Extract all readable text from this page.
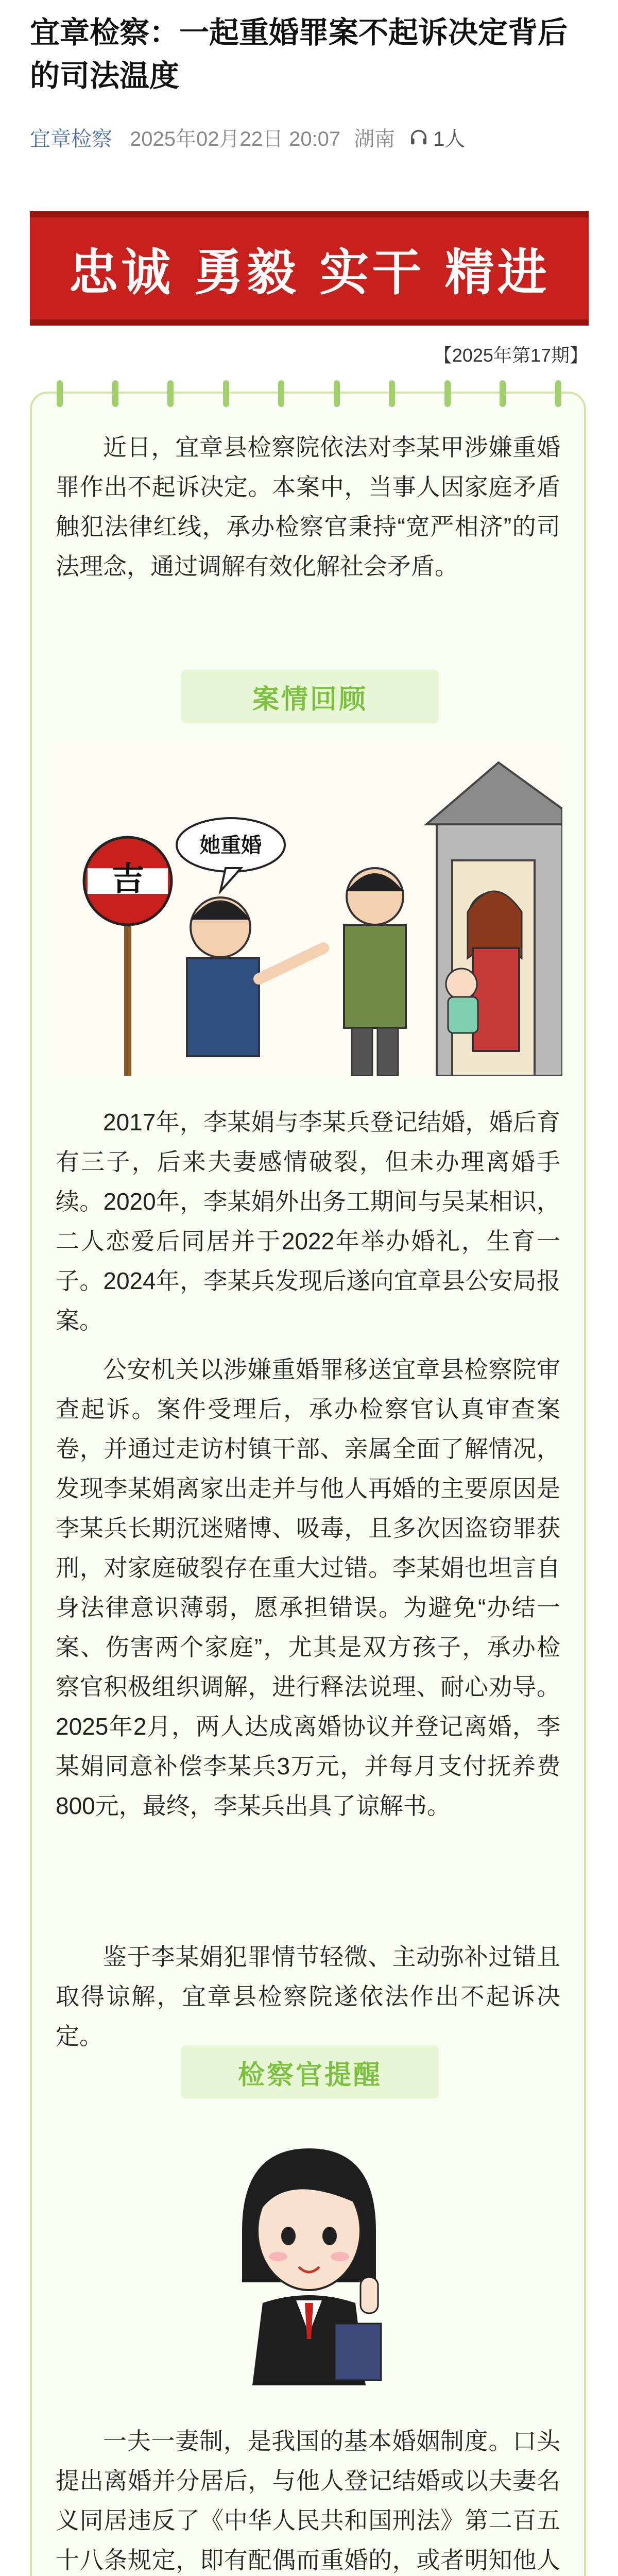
宜章检察：一起重婚罪案不起诉决定背后的司法温度
宜章检察 2025年02月22日 20:07 湖南 1人
忠诚 勇毅 实干 精进
【2025年第17期】

近日，宜章县检察院依法对李某甲涉嫌重婚罪作出不起诉决定。本案中，当事人因家庭矛盾触犯法律红线，承办检察官秉持“宽严相济”的司法理念，通过调解有效化解社会矛盾。

案情回顾
她重婚
吉

2017年，李某娟与李某兵登记结婚，婚后育有三子，后来夫妻感情破裂，但未办理离婚手续。2020年，李某娟外出务工期间与吴某相识，二人恋爱后同居并于2022年举办婚礼，生育一子。2024年，李某兵发现后遂向宜章县公安局报案。

公安机关以涉嫌重婚罪移送宜章县检察院审查起诉。案件受理后，承办检察官认真审查案卷，并通过走访村镇干部、亲属全面了解情况，发现李某娟离家出走并与他人再婚的主要原因是李某兵长期沉迷赌博、吸毒，且多次因盗窃罪获刑，对家庭破裂存在重大过错。李某娟也坦言自身法律意识薄弱，愿承担错误。为避免“办结一案、伤害两个家庭”，尤其是双方孩子，承办检察官积极组织调解，进行释法说理、耐心劝导。2025年2月，两人达成离婚协议并登记离婚，李某娟同意补偿李某兵3万元，并每月支付抚养费800元，最终，李某兵出具了谅解书。

鉴于李某娟犯罪情节轻微、主动弥补过错且取得谅解，宜章县检察院遂依法作出不起诉决定。

检察官提醒

一夫一妻制，是我国的基本婚姻制度。口头提出离婚并分居后，与他人登记结婚或以夫妻名义同居违反了《中华人民共和国刑法》第二百五十八条规定，即有配偶而重婚的，或者明知他人
